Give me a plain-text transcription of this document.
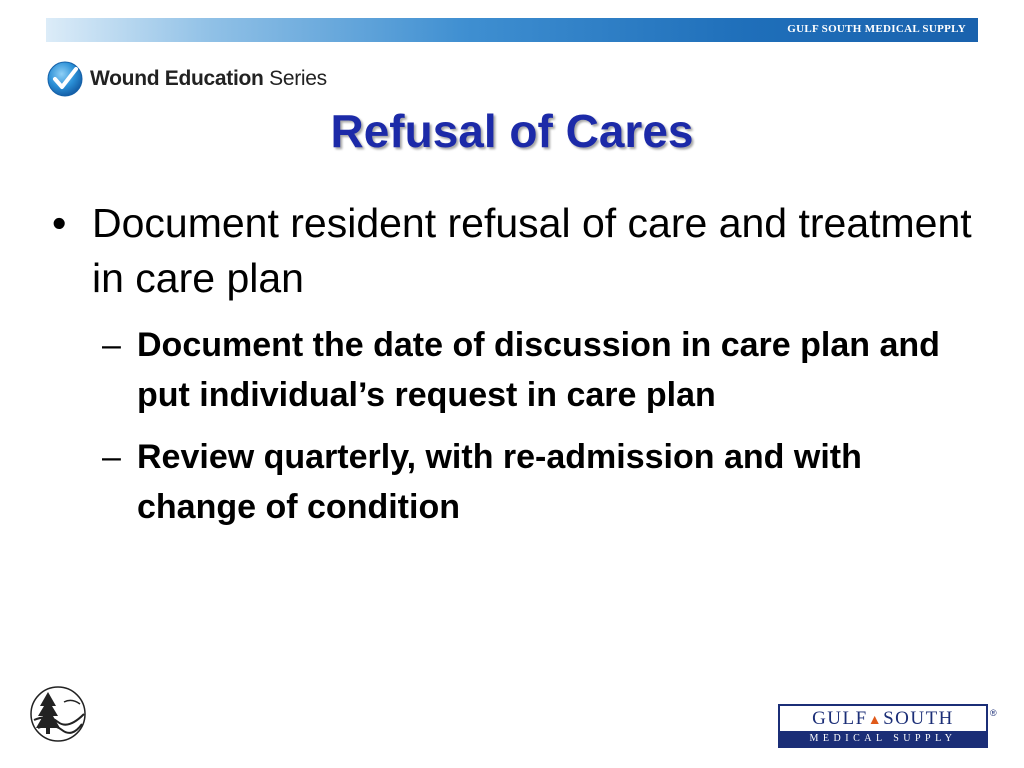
GULF SOUTH MEDICAL SUPPLY
Wound Education Series
Refusal of Cares
• Document resident refusal of care and treatment in care plan
– Document the date of discussion in care plan and put individual’s request in care plan
– Review quarterly, with re-admission and with change of condition
GULF▲SOUTH
MEDICAL SUPPLY
®
